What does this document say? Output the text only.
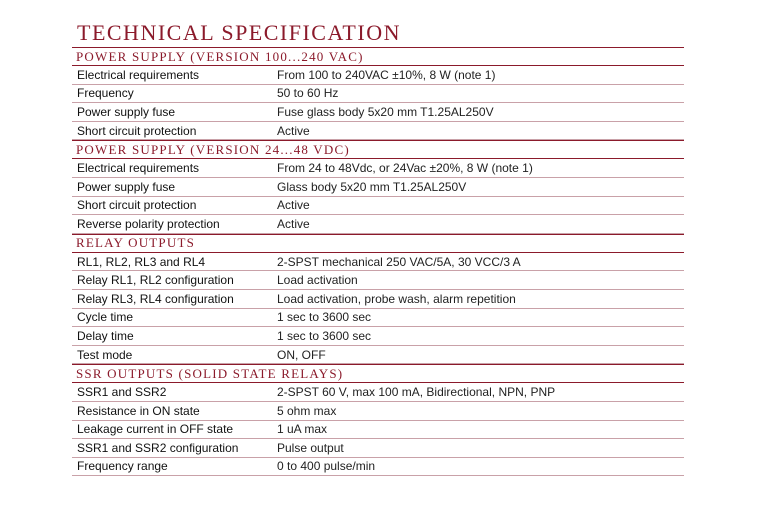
TECHNICAL SPECIFICATION
POWER SUPPLY (VERSION 100...240 VAC)
Electrical requirements	From 100 to 240VAC ±10%, 8 W (note 1)
Frequency	50 to 60 Hz
Power supply fuse	Fuse glass body 5x20 mm T1.25AL250V
Short circuit protection	Active
POWER SUPPLY (VERSION 24...48 VDC)
Electrical requirements	From 24 to 48Vdc, or 24Vac ±20%, 8 W (note 1)
Power supply fuse	Glass body 5x20 mm T1.25AL250V
Short circuit protection	Active
Reverse polarity protection	Active
RELAY OUTPUTS
RL1, RL2, RL3 and RL4	2-SPST mechanical 250 VAC/5A, 30 VCC/3 A
Relay RL1, RL2 configuration	Load activation
Relay RL3, RL4 configuration	Load activation, probe wash, alarm repetition
Cycle time	1 sec to 3600 sec
Delay time	1 sec to 3600 sec
Test mode	ON, OFF
SSR OUTPUTS (SOLID STATE RELAYS)
SSR1 and SSR2	2-SPST 60 V, max 100 mA, Bidirectional, NPN, PNP
Resistance in ON state	5 ohm max
Leakage current in OFF state	1 uA max
SSR1 and SSR2 configuration	Pulse output
Frequency range	0 to 400 pulse/min
